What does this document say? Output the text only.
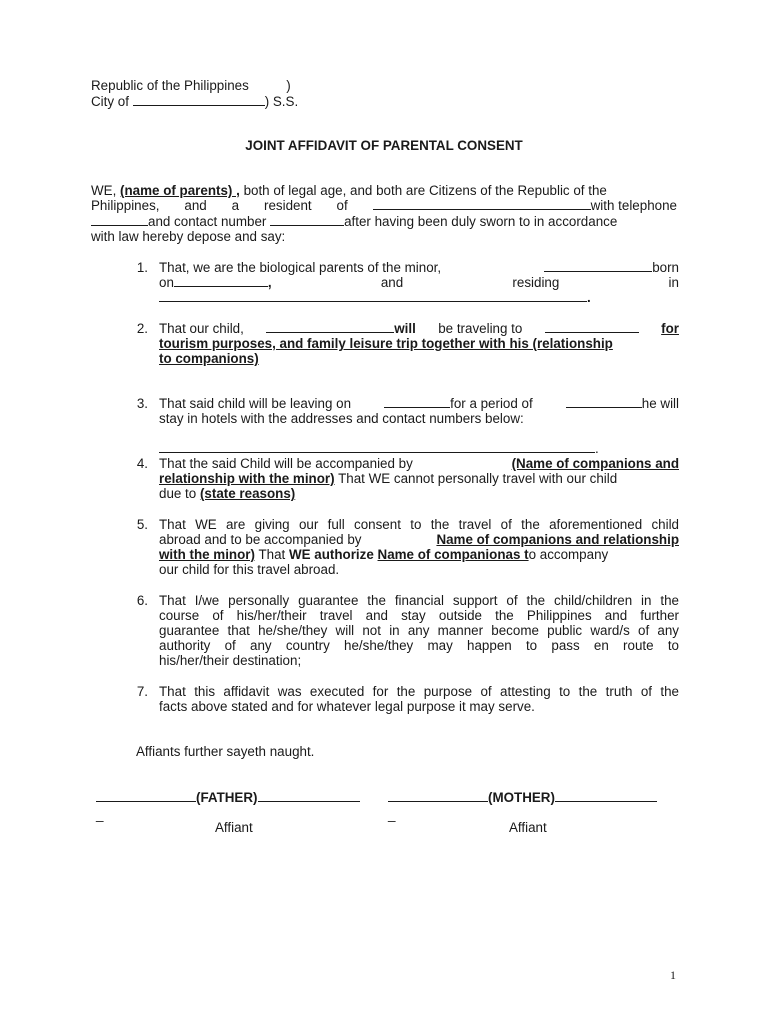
Republic of the Philippines	)
City of	) S.S.
JOINT AFFIDAVIT OF PARENTAL CONSENT
WE, (name of parents) , both of legal age, and both are Citizens of the Republic of the
Philippines, and a resident of	with telephone
and contact number	after having been duly sworn to in accordance
with law hereby depose and say:
1. That, we are the biological parents of the minor,	born
on	,	and	residing	in
.
2. That our child,	will be traveling to	for
tourism purposes, and family leisure trip together with his (relationship
to companions)
3. That said child will be leaving on	for a period of	he will
stay in hotels with the addresses and contact numbers below:
.
4. That the said Child will be accompanied by	(Name of companions and
relationship with the minor) That WE cannot personally travel with our child
due to (state reasons)
5. That WE are giving our full consent to the travel of the aforementioned child
abroad and to be accompanied by	Name of companions and relationship
with the minor) That WE authorize Name of companionas to accompany
our child for this travel abroad.
6. That I/we personally guarantee the financial support of the child/children in the
course of his/her/their travel and stay outside the Philippines and further
guarantee that he/she/they will not in any manner become public ward/s of any
authority of any country he/she/they may happen to pass en route to
his/her/their destination;
7. That this affidavit was executed for the purpose of attesting to the truth of the
facts above stated and for whatever legal purpose it may serve.
Affiants further sayeth naught.
(FATHER)
_
Affiant
(MOTHER)
_
Affiant
1
